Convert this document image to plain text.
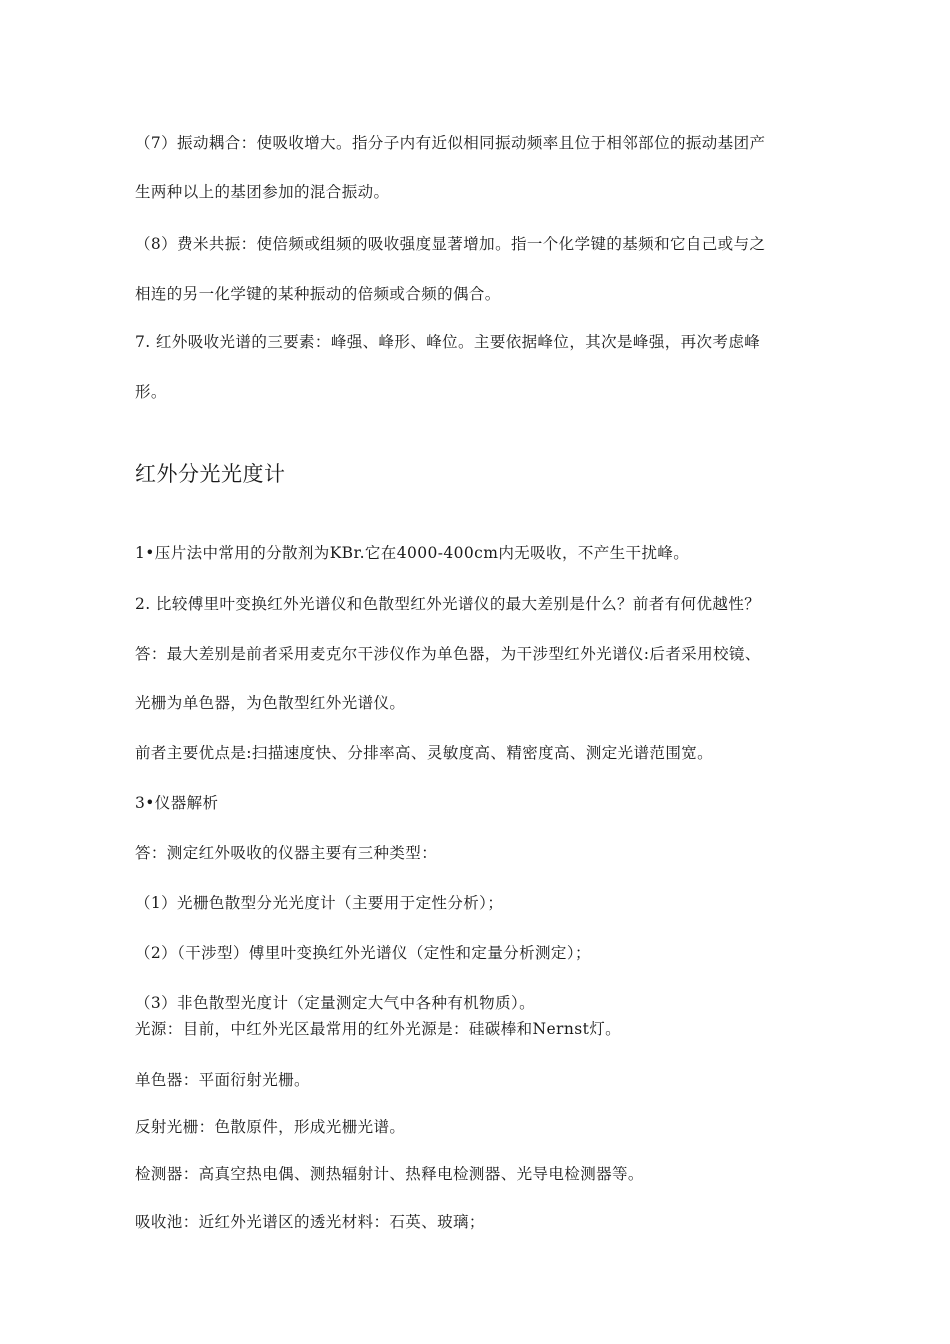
（7）振动耦合：使吸收增大。指分子内有近似相同振动频率且位于相邻部位的振动基团产
生两种以上的基团参加的混合振动。
（8）费米共振：使倍频或组频的吸收强度显著增加。指一个化学键的基频和它自己或与之
相连的另一化学键的某种振动的倍频或合频的偶合。
7. 红外吸收光谱的三要素：峰强、峰形、峰位。主要依据峰位，其次是峰强，再次考虑峰
形。
红外分光光度计
1•压片法中常用的分散剂为KBr.它在4000-400cm内无吸收，不产生干扰峰。
2. 比较傅里叶变换红外光谱仪和色散型红外光谱仪的最大差别是什么？前者有何优越性？
答：最大差别是前者采用麦克尔干涉仪作为单色器，为干涉型红外光谱仪:后者采用校镜、
光栅为单色器，为色散型红外光谱仪。
前者主要优点是:扫描速度快、分排率高、灵敏度高、精密度高、测定光谱范围宽。
3•仪器解析
答：测定红外吸收的仪器主要有三种类型：
（1）光栅色散型分光光度计（主要用于定性分析）；
（2）（干涉型）傅里叶变换红外光谱仪（定性和定量分析测定）；
（3）非色散型光度计（定量测定大气中各种有机物质）。
光源：目前，中红外光区最常用的红外光源是：硅碳棒和Nernst灯。
单色器：平面衍射光栅。
反射光栅：色散原件，形成光栅光谱。
检测器：高真空热电偶、测热辐射计、热释电检测器、光导电检测器等。
吸收池：近红外光谱区的透光材料：石英、玻璃；
